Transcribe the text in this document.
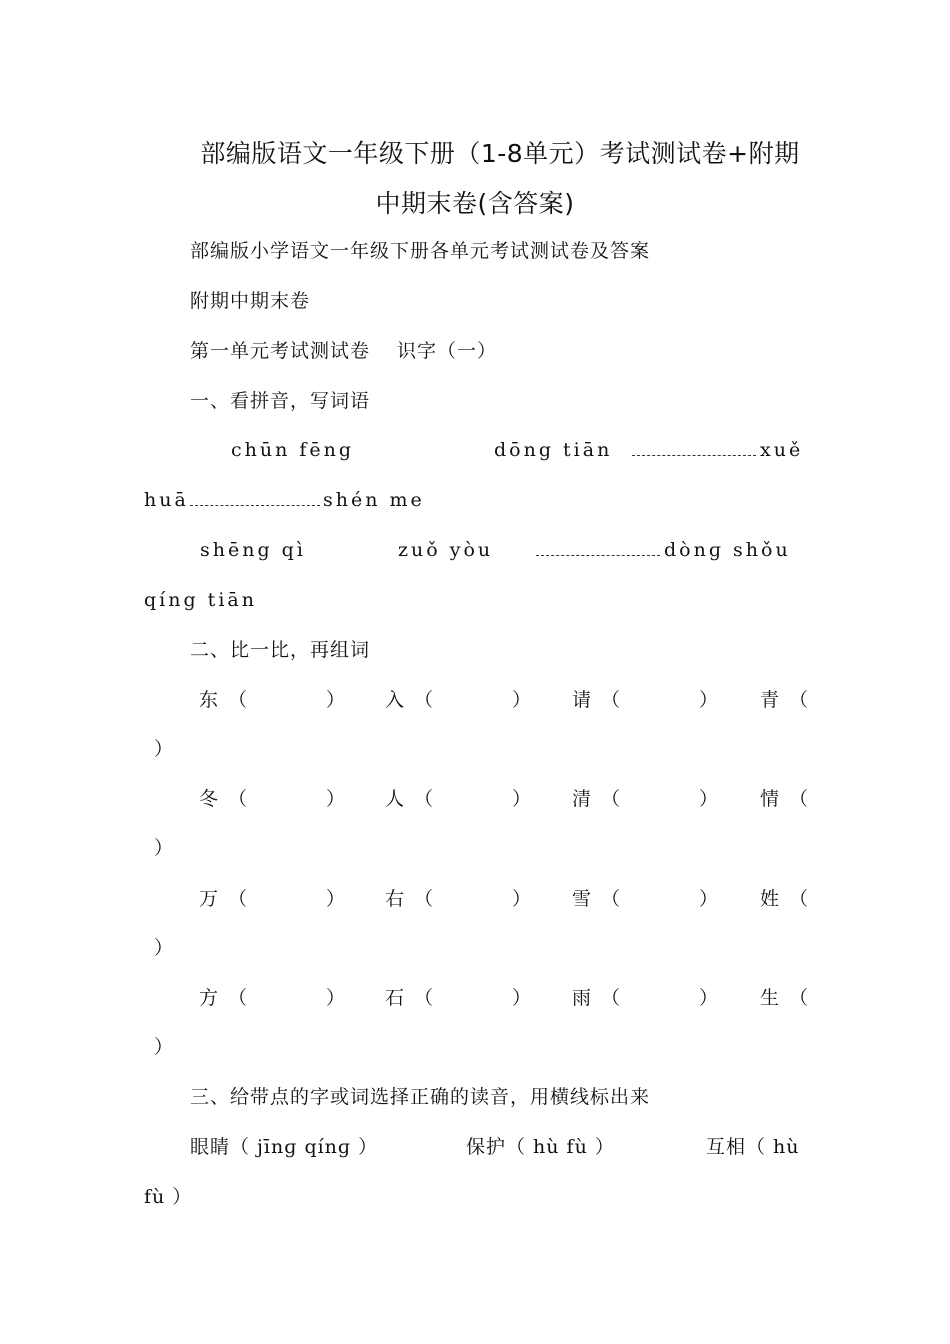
部编版语文一年级下册（1-8单元）考试测试卷+附期
中期末卷(含答案)
部编版小学语文一年级下册各单元考试测试卷及答案
附期中期末卷
第一单元考试测试卷　 识字（一）
一、看拼音，写词语
chūn fēng	dōng tiān	xuě
huā	shén me
shēng qì	zuǒ yòu	dònɡ shǒu
qíng tiān
二、比一比，再组词
东 （	） 入 （	） 请 （	） 青 （
）
冬 （	） 人 （	） 清 （	） 情 （
）
万 （	） 右 （	） 雪 （	） 姓 （
）
方 （	） 石 （	） 雨 （	） 生 （
）
三、给带点的字或词选择正确的读音，用横线标出来
眼睛（ jīnɡ qínɡ ）	保护（ hù fù ）	互相（ hù
fù ）
